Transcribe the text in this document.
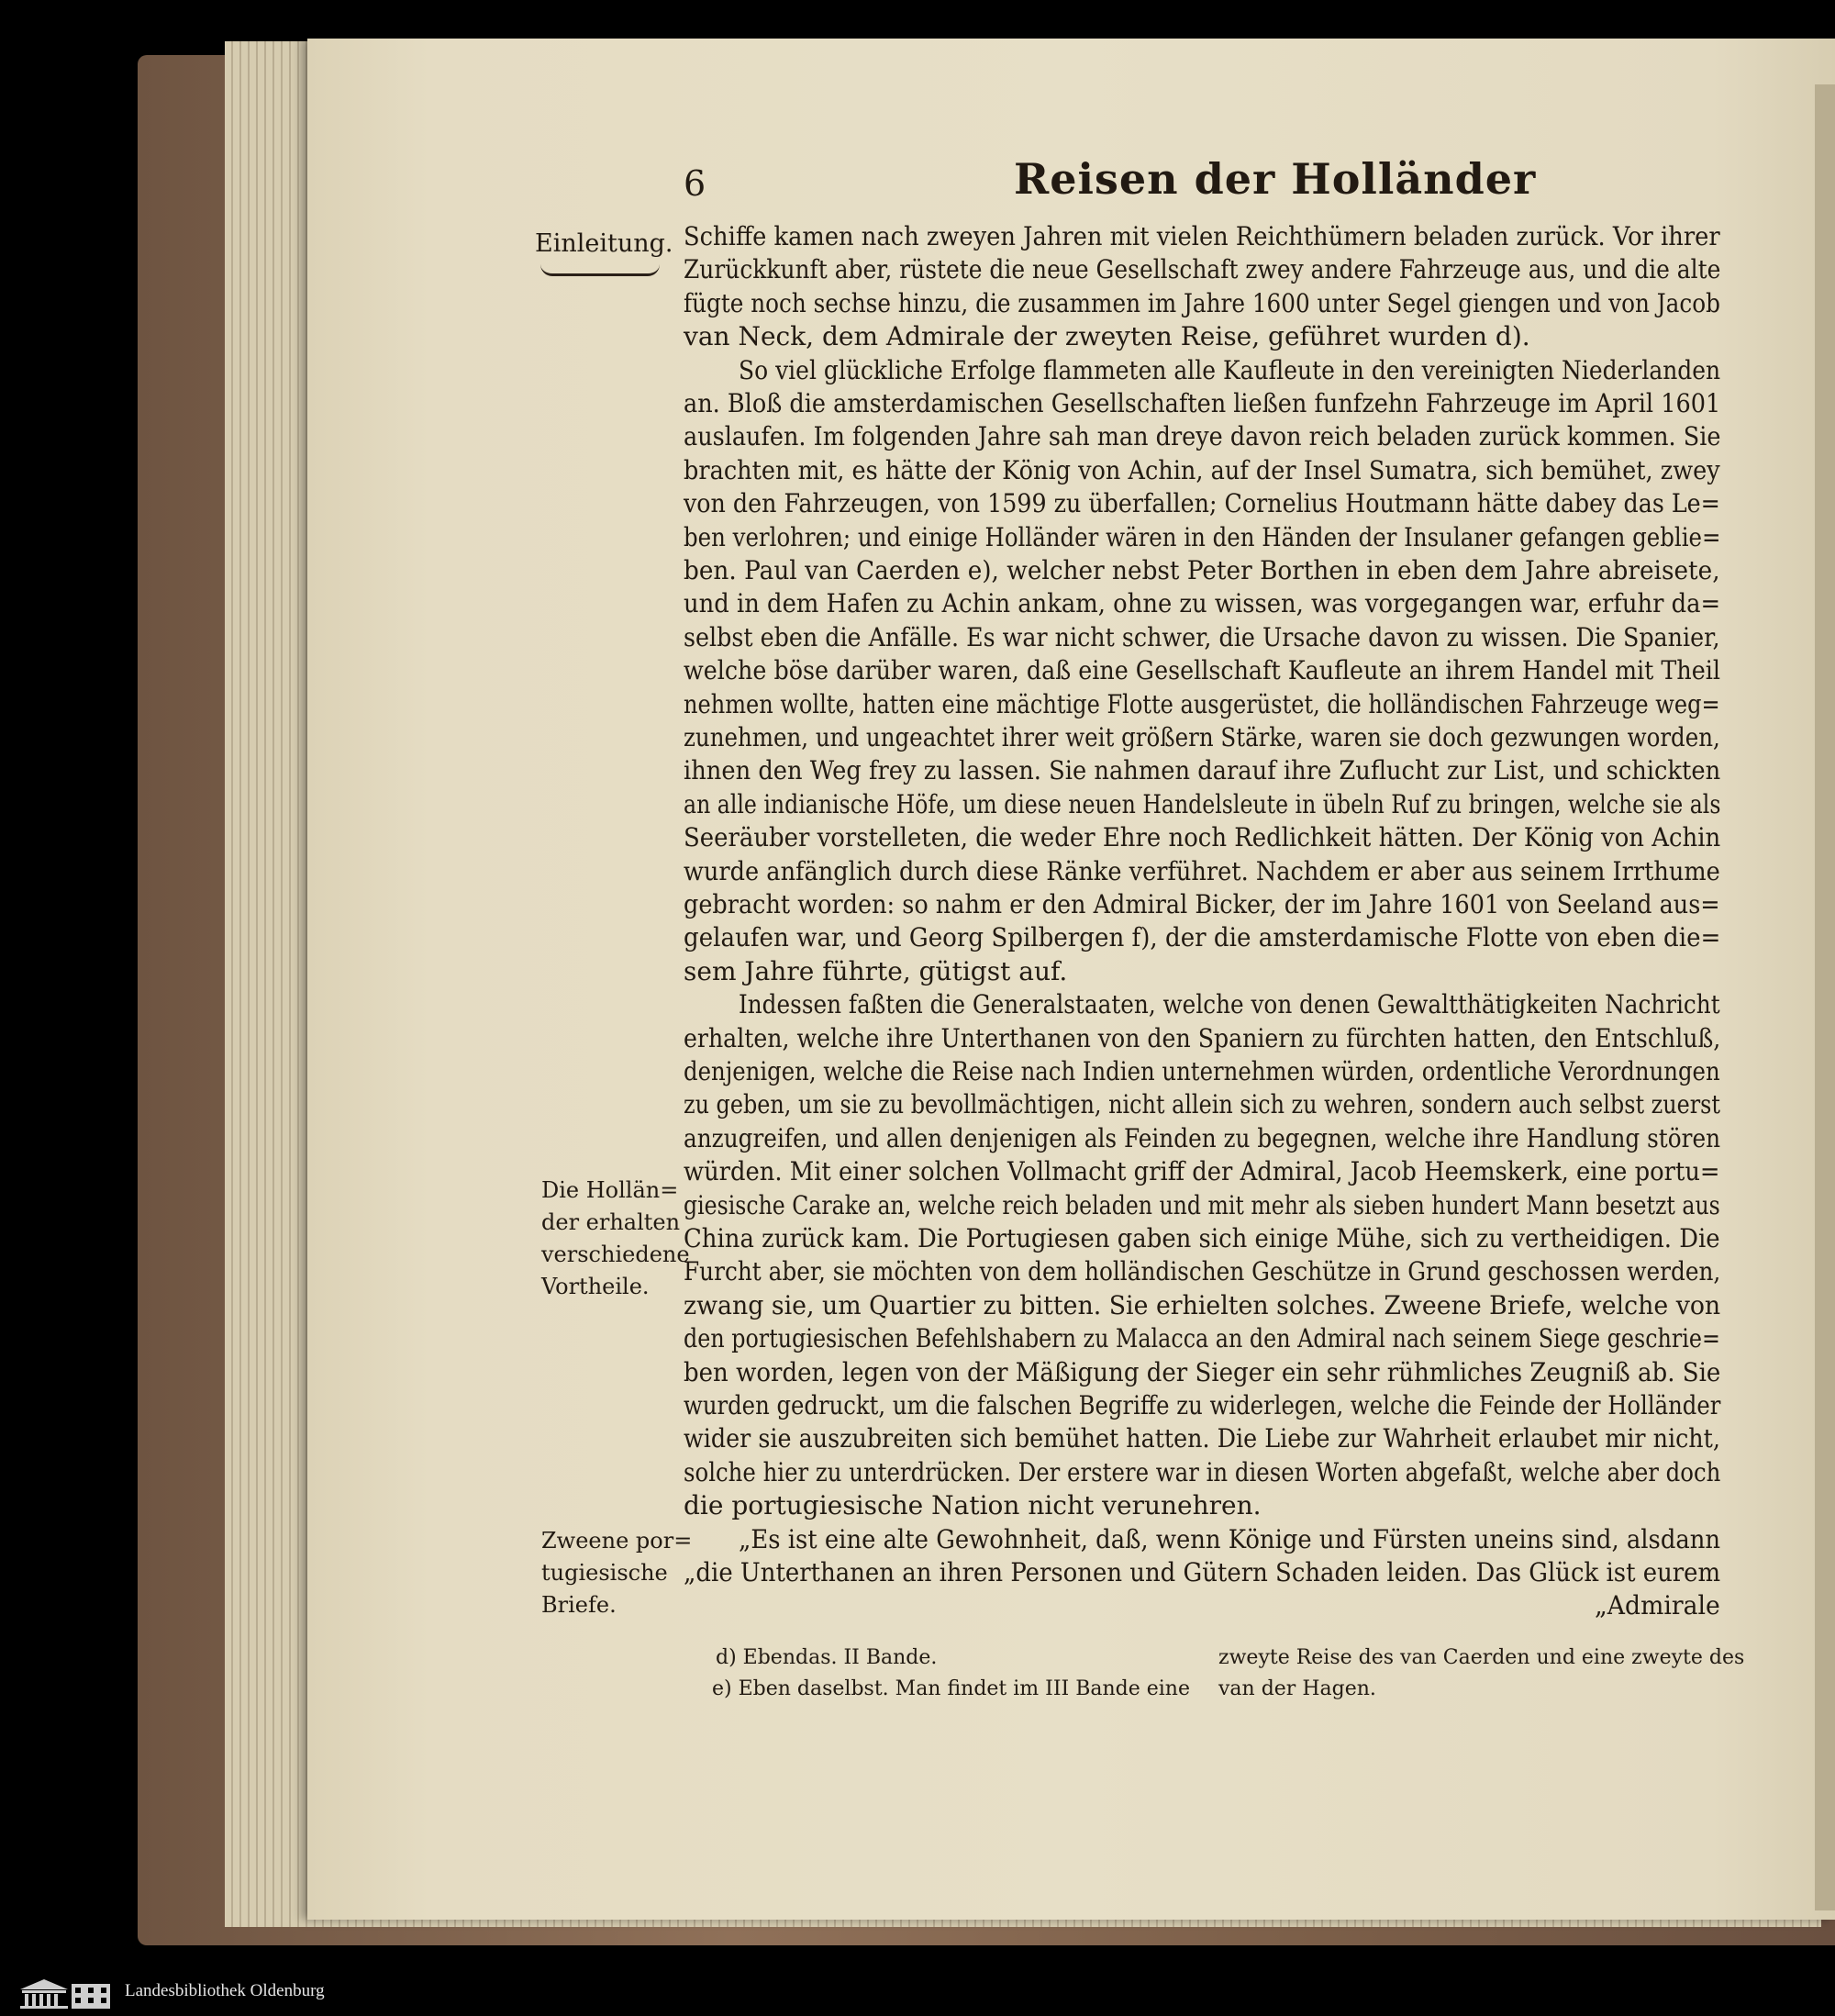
6	Reisen der Holländer
Einleitung.
Die Hollän=
der erhalten
verschiedene
Vortheile.
Zweene por=
tugiesische
Briefe.
Schiffe kamen nach zweyen Jahren mit vielen Reichthümern beladen zurück. Vor ihrer
Zurückkunft aber, rüstete die neue Gesellschaft zwey andere Fahrzeuge aus, und die alte
fügte noch sechse hinzu, die zusammen im Jahre 1600 unter Segel giengen und von Jacob
van Neck, dem Admirale der zweyten Reise, geführet wurden d).
So viel glückliche Erfolge flammeten alle Kaufleute in den vereinigten Niederlanden
an. Bloß die amsterdamischen Gesellschaften ließen funfzehn Fahrzeuge im April 1601
auslaufen. Im folgenden Jahre sah man dreye davon reich beladen zurück kommen. Sie
brachten mit, es hätte der König von Achin, auf der Insel Sumatra, sich bemühet, zwey
von den Fahrzeugen, von 1599 zu überfallen; Cornelius Houtmann hätte dabey das Le=
ben verlohren; und einige Holländer wären in den Händen der Insulaner gefangen geblie=
ben. Paul van Caerden e), welcher nebst Peter Borthen in eben dem Jahre abreisete,
und in dem Hafen zu Achin ankam, ohne zu wissen, was vorgegangen war, erfuhr da=
selbst eben die Anfälle. Es war nicht schwer, die Ursache davon zu wissen. Die Spanier,
welche böse darüber waren, daß eine Gesellschaft Kaufleute an ihrem Handel mit Theil
nehmen wollte, hatten eine mächtige Flotte ausgerüstet, die holländischen Fahrzeuge weg=
zunehmen, und ungeachtet ihrer weit größern Stärke, waren sie doch gezwungen worden,
ihnen den Weg frey zu lassen. Sie nahmen darauf ihre Zuflucht zur List, und schickten
an alle indianische Höfe, um diese neuen Handelsleute in übeln Ruf zu bringen, welche sie als
Seeräuber vorstelleten, die weder Ehre noch Redlichkeit hätten. Der König von Achin
wurde anfänglich durch diese Ränke verführet. Nachdem er aber aus seinem Irrthume
gebracht worden: so nahm er den Admiral Bicker, der im Jahre 1601 von Seeland aus=
gelaufen war, und Georg Spilbergen f), der die amsterdamische Flotte von eben die=
sem Jahre führte, gütigst auf.
Indessen faßten die Generalstaaten, welche von denen Gewaltthätigkeiten Nachricht
erhalten, welche ihre Unterthanen von den Spaniern zu fürchten hatten, den Entschluß,
denjenigen, welche die Reise nach Indien unternehmen würden, ordentliche Verordnungen
zu geben, um sie zu bevollmächtigen, nicht allein sich zu wehren, sondern auch selbst zuerst
anzugreifen, und allen denjenigen als Feinden zu begegnen, welche ihre Handlung stören
würden. Mit einer solchen Vollmacht griff der Admiral, Jacob Heemskerk, eine portu=
giesische Carake an, welche reich beladen und mit mehr als sieben hundert Mann besetzt aus
China zurück kam. Die Portugiesen gaben sich einige Mühe, sich zu vertheidigen. Die
Furcht aber, sie möchten von dem holländischen Geschütze in Grund geschossen werden,
zwang sie, um Quartier zu bitten. Sie erhielten solches. Zweene Briefe, welche von
den portugiesischen Befehlshabern zu Malacca an den Admiral nach seinem Siege geschrie=
ben worden, legen von der Mäßigung der Sieger ein sehr rühmliches Zeugniß ab. Sie
wurden gedruckt, um die falschen Begriffe zu widerlegen, welche die Feinde der Holländer
wider sie auszubreiten sich bemühet hatten. Die Liebe zur Wahrheit erlaubet mir nicht,
solche hier zu unterdrücken. Der erstere war in diesen Worten abgefaßt, welche aber doch
die portugiesische Nation nicht verunehren.
„Es ist eine alte Gewohnheit, daß, wenn Könige und Fürsten uneins sind, alsdann
„die Unterthanen an ihren Personen und Gütern Schaden leiden. Das Glück ist eurem
„Admirale
d) Ebendas. II Bande.
e) Eben daselbst. Man findet im III Bande eine
zweyte Reise des van Caerden und eine zweyte des
van der Hagen.
Landesbibliothek Oldenburg
